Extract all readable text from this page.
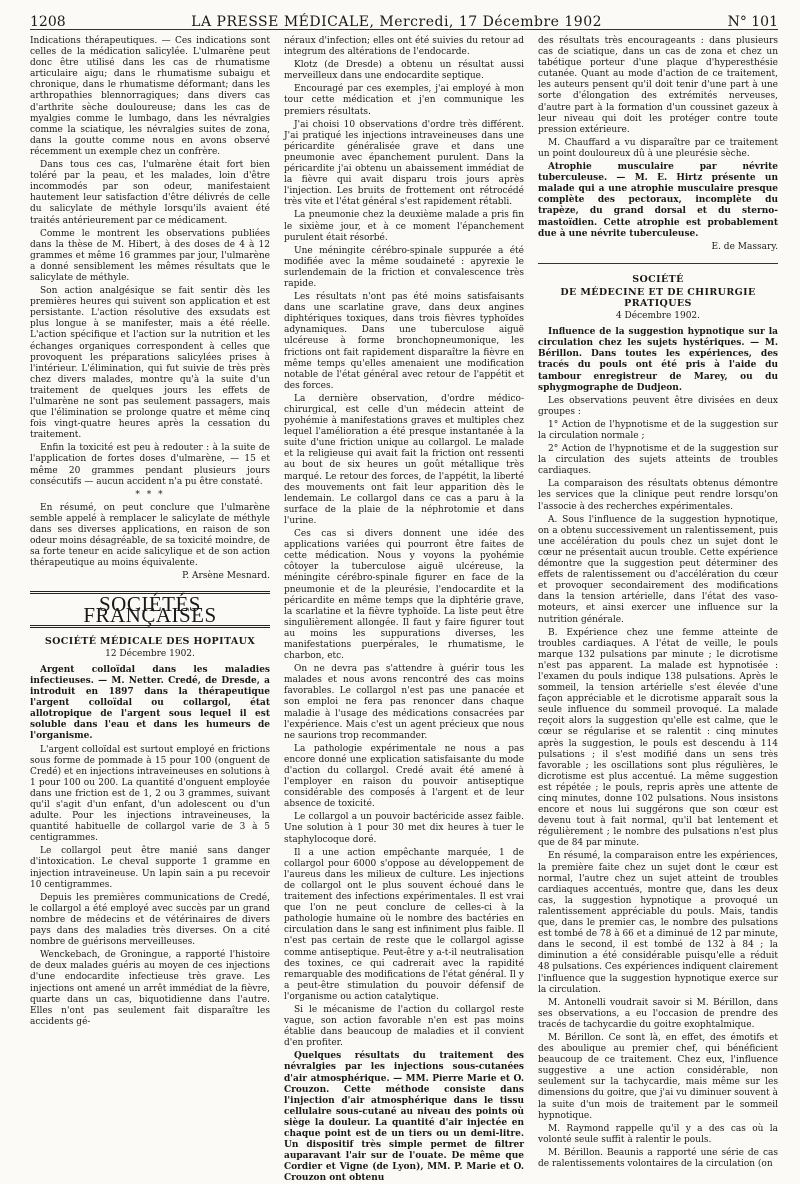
1208	LA PRESSE MÉDICALE, Mercredi, 17 Décembre 1902	N° 101

Indications thérapeutiques. — Ces indications sont celles de la médication salicylée. L'ulmarène peut donc être utilisé dans les cas de rhumatisme articulaire aigu; dans le rhumatisme subaigu et chronique, dans le rhumatisme déformant; dans les arthropathies blennorragiques; dans divers cas d'arthrite sèche douloureuse; dans les cas de myalgies comme le lumbago, dans les névralgies comme la sciatique, les névralgies suites de zona, dans la goutte comme nous en avons observé récemment un exemple chez un confrère.

Dans tous ces cas, l'ulmarène était fort bien toléré par la peau, et les malades, loin d'être incommodés par son odeur, manifestaient hautement leur satisfaction d'être délivrés de celle du salicylate de méthyle lorsqu'ils avaient été traités antérieurement par ce médicament.

Comme le montrent les observations publiées dans la thèse de M. Hibert, à des doses de 4 à 12 grammes et même 16 grammes par jour, l'ulmarène a donné sensiblement les mêmes résultats que le salicylate de méthyle.

Son action analgésique se fait sentir dès les premières heures qui suivent son application et est persistante. L'action résolutive des exsudats est plus longue à se manifester, mais a été réelle. L'action spécifique et l'action sur la nutrition et les échanges organiques correspondent à celles que provoquent les préparations salicylées prises à l'intérieur. L'élimination, qui fut suivie de très près chez divers malades, montre qu'à la suite d'un traitement de quelques jours les effets de l'ulmarène ne sont pas seulement passagers, mais que l'élimination se prolonge quatre et même cinq fois vingt-quatre heures après la cessation du traitement.

Enfin la toxicité est peu à redouter : à la suite de l'application de fortes doses d'ulmarène, — 15 et même 20 grammes pendant plusieurs jours consécutifs — aucun accident n'a pu être constaté.

* * *

En résumé, on peut conclure que l'ulmarène semble appelé à remplacer le salicylate de méthyle dans ses diverses applications, en raison de son odeur moins désagréable, de sa toxicité moindre, de sa forte teneur en acide salicylique et de son action thérapeutique au moins équivalente.

P. Arsène Mesnard.

SOCIÉTÉS FRANÇAISES
SOCIÉTÉ MÉDICALE DES HOPITAUX
12 Décembre 1902.

Argent colloïdal dans les maladies infectieuses. — M. Netter. Credé, de Dresde, a introduit en 1897 dans la thérapeutique l'argent colloïdal ou collargol, état allotropique de l'argent sous lequel il est soluble dans l'eau et dans les humeurs de l'organisme.

L'argent colloïdal est surtout employé en frictions sous forme de pommade à 15 pour 100 (onguent de Credé) et en injections intraveineuses en solutions à 1 pour 100 ou 200. La quantité d'onguent employée dans une friction est de 1, 2 ou 3 grammes, suivant qu'il s'agit d'un enfant, d'un adolescent ou d'un adulte. Pour les injections intraveineuses, la quantité habituelle de collargol varie de 3 à 5 centigrammes.

Le collargol peut être manié sans danger d'intoxication. Le cheval supporte 1 gramme en injection intraveineuse. Un lapin sain a pu recevoir 10 centigrammes.

Depuis les premières communications de Credé, le collargol a été employé avec succès par un grand nombre de médecins et de vétérinaires de divers pays dans des maladies très diverses. On a cité nombre de guérisons merveilleuses.

Wenckebach, de Groningue, a rapporté l'histoire de deux malades guéris au moyen de ces injections d'une endocardite infectieuse très grave. Les injections ont amené un arrêt immédiat de la fièvre, quarte dans un cas, biquotidienne dans l'autre. Elles n'ont pas seulement fait disparaître les accidents gé-

néraux d'infection; elles ont été suivies du retour ad integrum des altérations de l'endocarde.

Klotz (de Dresde) a obtenu un résultat aussi merveilleux dans une endocardite septique.

Encouragé par ces exemples, j'ai employé à mon tour cette médication et j'en communique les premiers résultats.

J'ai choisi 10 observations d'ordre très différent. J'ai pratiqué les injections intraveineuses dans une péricardite généralisée grave et dans une pneumonie avec épanchement purulent. Dans la péricardite j'ai obtenu un abaissement immédiat de la fièvre qui avait disparu trois jours après l'injection. Les bruits de frottement ont rétrocédé très vite et l'état général s'est rapidement rétabli.

La pneumonie chez la deuxième malade a pris fin le sixième jour, et à ce moment l'épanchement purulent était résorbé.

Une méningite cérébro-spinale suppurée a été modifiée avec la même soudaineté : apyrexie le surlendemain de la friction et convalescence très rapide.

Les résultats n'ont pas été moins satisfaisants dans une scarlatine grave, dans deux angines diphtériques toxiques, dans trois fièvres typhoïdes adynamiques. Dans une tuberculose aiguë ulcéreuse à forme bronchopneumonique, les frictions ont fait rapidement disparaître la fièvre en même temps qu'elles amenaient une modification notable de l'état général avec retour de l'appétit et des forces.

La dernière observation, d'ordre médico-chirurgical, est celle d'un médecin atteint de pyohémie à manifestations graves et multiples chez lequel l'amélioration a été presque instantanée à la suite d'une friction unique au collargol. Le malade et la religieuse qui avait fait la friction ont ressenti au bout de six heures un goût métallique très marqué. Le retour des forces, de l'appétit, la liberté des mouvements ont fait leur apparition dès le lendemain. Le collargol dans ce cas a paru à la surface de la plaie de la néphrotomie et dans l'urine.

Ces cas si divers donnent une idée des applications variées qui pourront être faites de cette médication. Nous y voyons la pyohémie côtoyer la tuberculose aiguë ulcéreuse, la méningite cérébro-spinale figurer en face de la pneumonie et de la pleurésie, l'endocardite et la péricardite en même temps que la diphtérie grave, la scarlatine et la fièvre typhoïde. La liste peut être singulièrement allongée. Il faut y faire figurer tout au moins les suppurations diverses, les manifestations puerpérales, le rhumatisme, le charbon, etc.

On ne devra pas s'attendre à guérir tous les malades et nous avons rencontré des cas moins favorables. Le collargol n'est pas une panacée et son emploi ne fera pas renoncer dans chaque maladie à l'usage des médications consacrées par l'expérience. Mais c'est un agent précieux que nous ne saurions trop recommander.

La pathologie expérimentale ne nous a pas encore donné une explication satisfaisante du mode d'action du collargol. Credé avait été amené à l'employer en raison du pouvoir antiseptique considérable des composés à l'argent et de leur absence de toxicité.

Le collargol a un pouvoir bactéricide assez faible. Une solution à 1 pour 30 met dix heures à tuer le staphylocoque doré.

Il a une action empêchante marquée, 1 de collargol pour 6000 s'oppose au développement de l'aureus dans les milieux de culture. Les injections de collargol ont le plus souvent échoué dans le traitement des infections expérimentales. Il est vrai que l'on ne peut conclure de celles-ci à la pathologie humaine où le nombre des bactéries en circulation dans le sang est infiniment plus faible. Il n'est pas certain de reste que le collargol agisse comme antiseptique. Peut-être y a-t-il neutralisation des toxines, ce qui cadrerait avec la rapidité remarquable des modifications de l'état général. Il y a peut-être stimulation du pouvoir défensif de l'organisme ou action catalytique.

Si le mécanisme de l'action du collargol reste vague, son action favorable n'en est pas moins établie dans beaucoup de maladies et il convient d'en profiter.

Quelques résultats du traitement des névralgies par les injections sous-cutanées d'air atmosphérique. — MM. Pierre Marie et O. Crouzon. Cette méthode consiste dans l'injection d'air atmosphérique dans le tissu cellulaire sous-cutané au niveau des points où siège la douleur. La quantité d'air injectée en chaque point est de un tiers ou un demi-litre. Un dispositif très simple permet de filtrer auparavant l'air sur de l'ouate. De même que Cordier et Vigne (de Lyon), MM. P. Marie et O. Crouzon ont obtenu

des résultats très encourageants : dans plusieurs cas de sciatique, dans un cas de zona et chez un tabétique porteur d'une plaque d'hyperesthésie cutanée. Quant au mode d'action de ce traitement, les auteurs pensent qu'il doit tenir d'une part à une sorte d'élongation des extrémités nerveuses, d'autre part à la formation d'un coussinet gazeux à leur niveau qui doit les protéger contre toute pression extérieure.

M. Chauffard a vu disparaître par ce traitement un point douloureux dû à une pleurésie sèche.

Atrophie musculaire par névrite tuberculeuse. — M. E. Hirtz présente un malade qui a une atrophie musculaire presque complète des pectoraux, incomplète du trapèze, du grand dorsal et du sterno-mastoïdien. Cette atrophie est probablement due à une névrite tuberculeuse.

E. de Massary.

SOCIÉTÉ
DE MÉDECINE ET DE CHIRURGIE PRATIQUES
4 Décembre 1902.

Influence de la suggestion hypnotique sur la circulation chez les sujets hystériques. — M. Bérillon. Dans toutes les expériences, des tracés du pouls ont été pris à l'aide du tambour enregistreur de Marey, ou du sphygmographe de Dudjeon.

Les observations peuvent être divisées en deux groupes :

1° Action de l'hypnotisme et de la suggestion sur la circulation normale ;

2° Action de l'hypnotisme et de la suggestion sur la circulation des sujets atteints de troubles cardiaques.

La comparaison des résultats obtenus démontre les services que la clinique peut rendre lorsqu'on l'associe à des recherches expérimentales.

A. Sous l'influence de la suggestion hypnotique, on a obtenu successivement un ralentissement, puis une accélération du pouls chez un sujet dont le cœur ne présentait aucun trouble. Cette expérience démontre que la suggestion peut déterminer des effets de ralentissement ou d'accélération du cœur et provoquer secondairement des modifications dans la tension artérielle, dans l'état des vaso-moteurs, et ainsi exercer une influence sur la nutrition générale.

B. Expérience chez une femme atteinte de troubles cardiaques. A l'état de veille, le pouls marque 132 pulsations par minute ; le dicrotisme n'est pas apparent. La malade est hypnotisée : l'examen du pouls indique 138 pulsations. Après le sommeil, la tension artérielle s'est élevée d'une façon appréciable et le dicrotisme apparaît sous la seule influence du sommeil provoqué. La malade reçoit alors la suggestion qu'elle est calme, que le cœur se régularise et se ralentit : cinq minutes après la suggestion, le pouls est descendu à 114 pulsations ; il s'est modifié dans un sens très favorable ; les oscillations sont plus régulières, le dicrotisme est plus accentué. La même suggestion est répétée ; le pouls, repris après une attente de cinq minutes, donne 102 pulsations. Nous insistons encore et nous lui suggérons que son cœur est devenu tout à fait normal, qu'il bat lentement et régulièrement ; le nombre des pulsations n'est plus que de 84 par minute.

En résumé, la comparaison entre les expériences, la première faite chez un sujet dont le cœur est normal, l'autre chez un sujet atteint de troubles cardiaques accentués, montre que, dans les deux cas, la suggestion hypnotique a provoqué un ralentissement appréciable du pouls. Mais, tandis que, dans le premier cas, le nombre des pulsations est tombé de 78 à 66 et a diminué de 12 par minute, dans le second, il est tombé de 132 à 84 ; la diminution a été considérable puisqu'elle a réduit 48 pulsations. Ces expériences indiquent clairement l'influence que la suggestion hypnotique exerce sur la circulation.

M. Antonelli voudrait savoir si M. Bérillon, dans ses observations, a eu l'occasion de prendre des tracés de tachycardie du goitre exophtalmique.

M. Bérillon. Ce sont là, en effet, des émotifs et des aboulique au premier chef, qui bénéficient beaucoup de ce traitement. Chez eux, l'influence suggestive a une action considérable, non seulement sur la tachycardie, mais même sur les dimensions du goitre, que j'ai vu diminuer souvent à la suite d'un mois de traitement par le sommeil hypnotique.

M. Raymond rappelle qu'il y a des cas où la volonté seule suffit à ralentir le pouls.

M. Bérillon. Beaunis a rapporté une série de cas de ralentissements volontaires de la circulation (on
